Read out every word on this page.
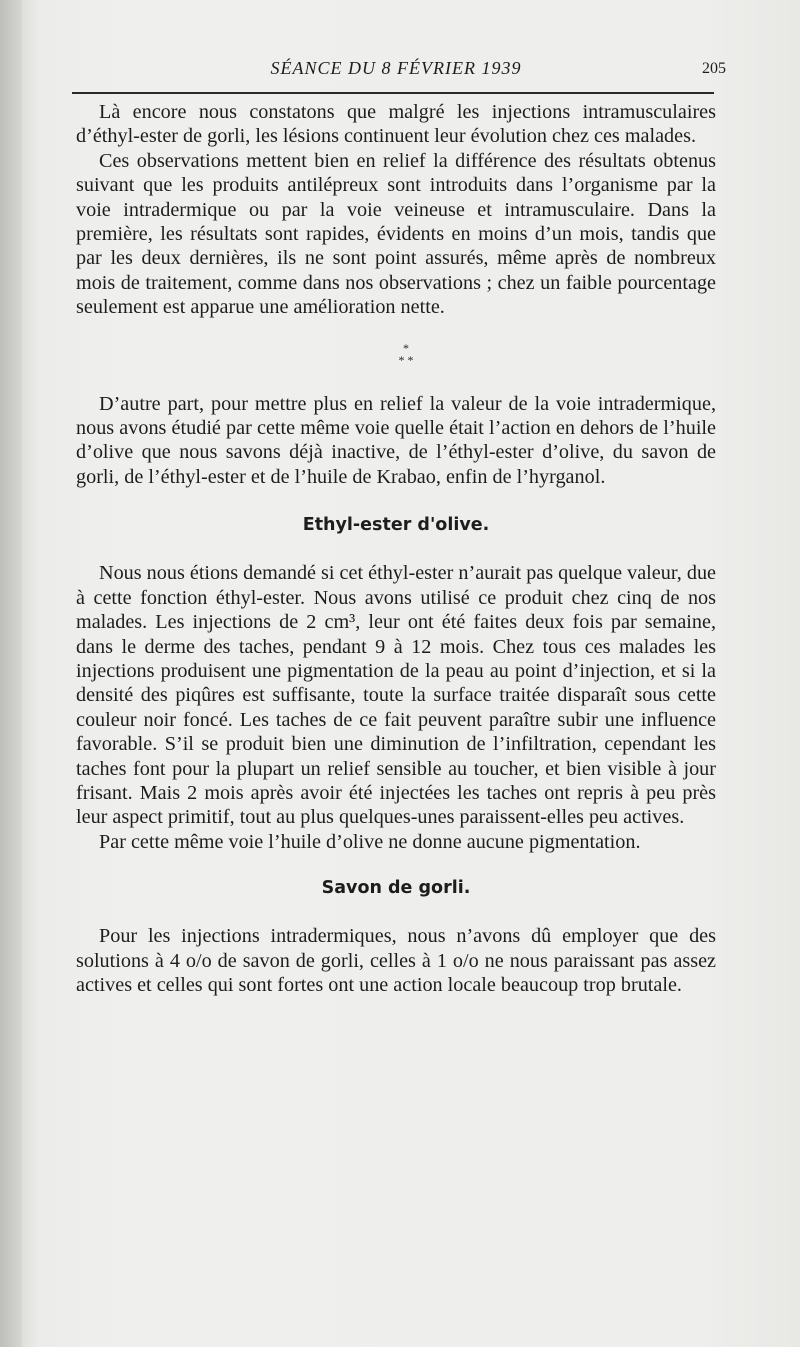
SÉANCE DU 8 FÉVRIER 1939	205

Là encore nous constatons que malgré les injections intramusculaires d’éthyl-ester de gorli, les lésions continuent leur évolution chez ces malades.

Ces observations mettent bien en relief la différence des résultats obtenus suivant que les produits antilépreux sont introduits dans l’organisme par la voie intradermique ou par la voie veineuse et intramusculaire. Dans la première, les résultats sont rapides, évidents en moins d’un mois, tandis que par les deux dernières, ils ne sont point assurés, même après de nombreux mois de traitement, comme dans nos observations ; chez un faible pourcentage seulement est apparue une amélioration nette.

*
* *

D’autre part, pour mettre plus en relief la valeur de la voie intradermique, nous avons étudié par cette même voie quelle était l’action en dehors de l’huile d’olive que nous savons déjà inactive, de l’éthyl-ester d’olive, du savon de gorli, de l’éthyl-ester et de l’huile de Krabao, enfin de l’hyrganol.

Ethyl-ester d'olive.

Nous nous étions demandé si cet éthyl-ester n’aurait pas quelque valeur, due à cette fonction éthyl-ester. Nous avons utilisé ce produit chez cinq de nos malades. Les injections de 2 cm³, leur ont été faites deux fois par semaine, dans le derme des taches, pendant 9 à 12 mois. Chez tous ces malades les injections produisent une pigmentation de la peau au point d’injection, et si la densité des piqûres est suffisante, toute la surface traitée disparaît sous cette couleur noir foncé. Les taches de ce fait peuvent paraître subir une influence favorable. S’il se produit bien une diminution de l’infiltration, cependant les taches font pour la plupart un relief sensible au toucher, et bien visible à jour frisant. Mais 2 mois après avoir été injectées les taches ont repris à peu près leur aspect primitif, tout au plus quelques-unes paraissent-elles peu actives.

Par cette même voie l’huile d’olive ne donne aucune pigmentation.

Savon de gorli.

Pour les injections intradermiques, nous n’avons dû employer que des solutions à 4 o/o de savon de gorli, celles à 1 o/o ne nous paraissant pas assez actives et celles qui sont fortes ont une action locale beaucoup trop brutale.
